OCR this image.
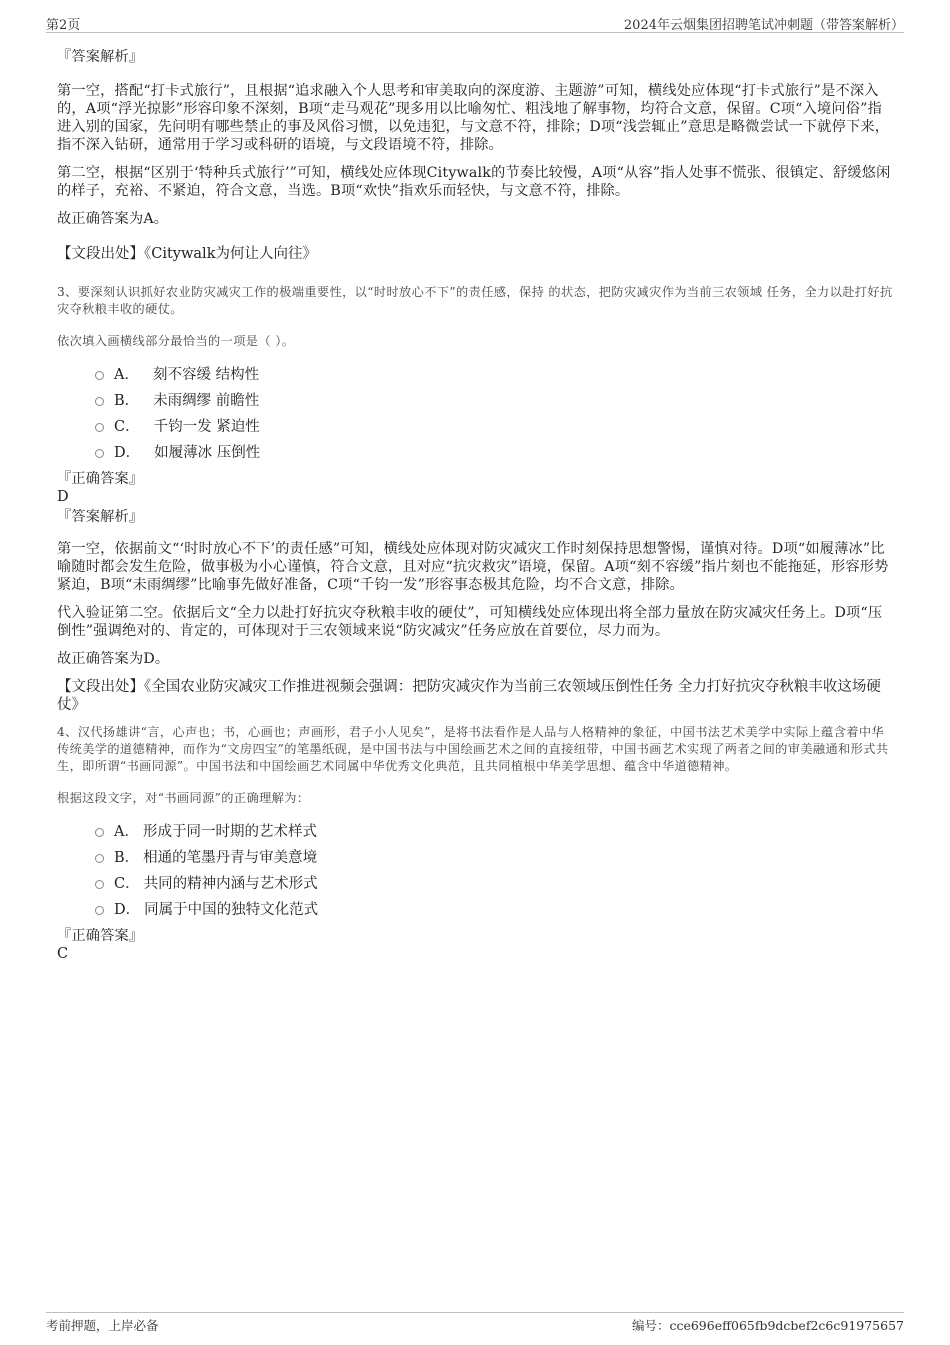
第2页	2024年云烟集团招聘笔试冲刺题（带答案解析）

『答案解析』

第一空，搭配“打卡式旅行”，且根据“追求融入个人思考和审美取向的深度游、主题游”可知，横线处应体现“打卡式旅行”是不深入的，A项“浮光掠影”形容印象不深刻，B项“走马观花”现多用以比喻匆忙、粗浅地了解事物，均符合文意，保留。C项“入境问俗”指进入别的国家，先问明有哪些禁止的事及风俗习惯，以免违犯，与文意不符，排除；D项“浅尝辄止”意思是略微尝试一下就停下来，指不深入钻研，通常用于学习或科研的语境，与文段语境不符，排除。

第二空，根据“区别于‘特种兵式旅行’”可知，横线处应体现Citywalk的节奏比较慢，A项“从容”指人处事不慌张、很镇定、舒缓悠闲的样子，充裕、不紧迫，符合文意，当选。B项“欢快”指欢乐而轻快，与文意不符，排除。

故正确答案为A。

【文段出处】《Citywalk为何让人向往》

3、要深刻认识抓好农业防灾减灾工作的极端重要性，以“时时放心不下”的责任感，保持 的状态，把防灾减灾作为当前三农领域 任务，全力以赴打好抗灾夺秋粮丰收的硬仗。

依次填入画横线部分最恰当的一项是（ ）。

A． 刻不容缓 结构性
B． 未雨绸缪 前瞻性
C． 千钧一发 紧迫性
D． 如履薄冰 压倒性

『正确答案』

D

『答案解析』

第一空，依据前文“‘时时放心不下’的责任感”可知，横线处应体现对防灾减灾工作时刻保持思想警惕，谨慎对待。D项“如履薄冰”比喻随时都会发生危险，做事极为小心谨慎，符合文意，且对应“抗灾救灾”语境，保留。A项“刻不容缓”指片刻也不能拖延，形容形势紧迫，B项“未雨绸缪”比喻事先做好准备，C项“千钧一发”形容事态极其危险，均不合文意，排除。

代入验证第二空。依据后文“全力以赴打好抗灾夺秋粮丰收的硬仗”，可知横线处应体现出将全部力量放在防灾减灾任务上。D项“压倒性”强调绝对的、肯定的，可体现对于三农领域来说“防灾减灾”任务应放在首要位，尽力而为。

故正确答案为D。

【文段出处】《全国农业防灾减灾工作推进视频会强调：把防灾减灾作为当前三农领域压倒性任务 全力打好抗灾夺秋粮丰收这场硬仗》

4、汉代扬雄讲“言，心声也；书，心画也；声画形，君子小人见矣”，是将书法看作是人品与人格精神的象征，中国书法艺术美学中实际上蕴含着中华传统美学的道德精神，而作为“文房四宝”的笔墨纸砚，是中国书法与中国绘画艺术之间的直接纽带，中国书画艺术实现了两者之间的审美融通和形式共生，即所谓“书画同源”。中国书法和中国绘画艺术同属中华优秀文化典范，且共同植根中华美学思想、蕴含中华道德精神。

根据这段文字，对“书画同源”的正确理解为：

A． 形成于同一时期的艺术样式
B． 相通的笔墨丹青与审美意境
C． 共同的精神内涵与艺术形式
D． 同属于中国的独特文化范式

『正确答案』

C

考前押题，上岸必备	编号：cce696eff065fb9dcbef2c6c91975657
